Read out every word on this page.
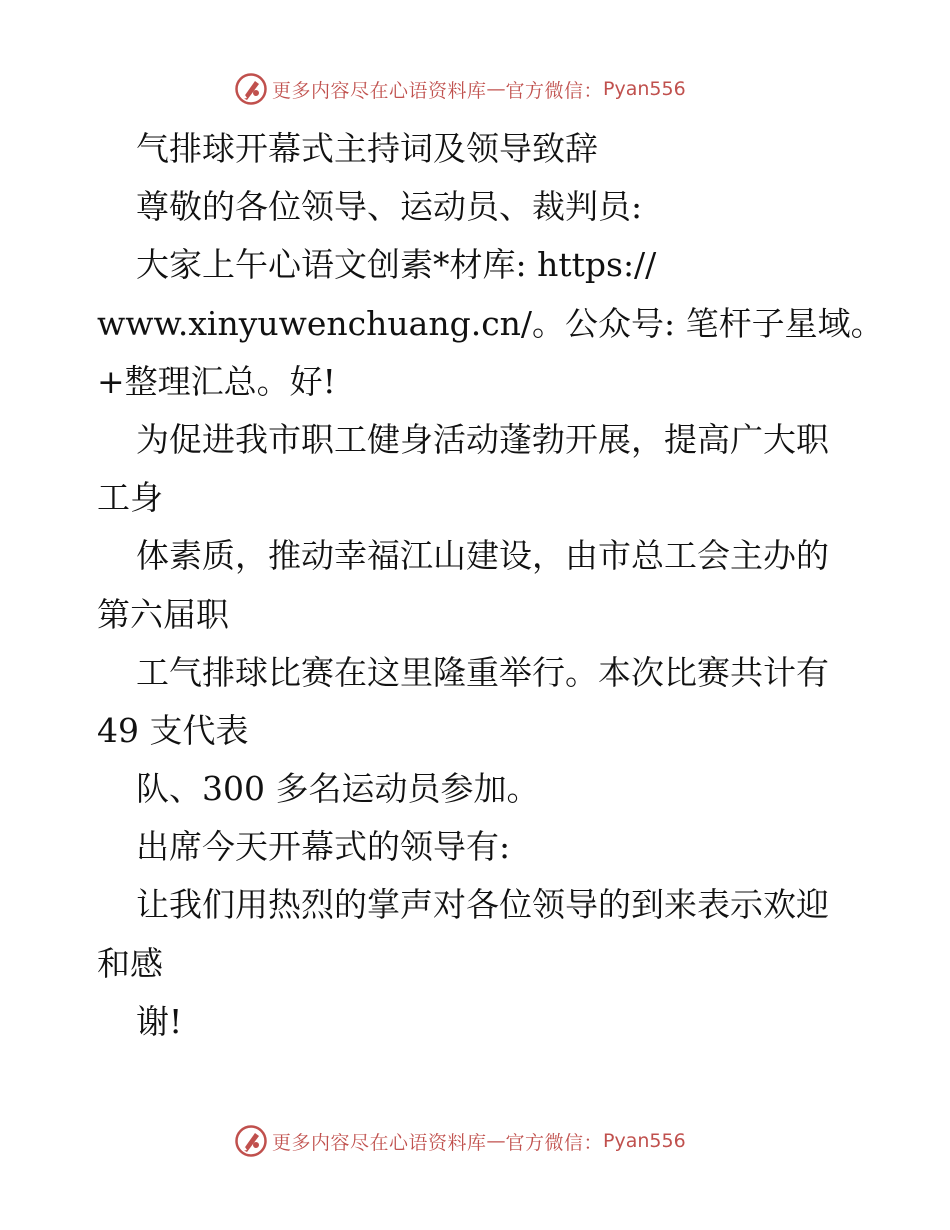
更多内容尽在心语资料库 — 官方微信： Pyan556
气排球开幕式主持词及领导致辞
尊敬的各位领导、运动员、裁判员:
大家上午心语文创素*材库: https://
www.xinyuwenchuang.cn/。公众号: 笔杆子星域。
+整理汇总。好!
为促进我市职工健身活动蓬勃开展，提高广大职
工身
体素质，推动幸福江山建设，由市总工会主办的
第六届职
工气排球比赛在这里隆重举行。本次比赛共计有
49 支代表
队、300 多名运动员参加。
出席今天开幕式的领导有:
让我们用热烈的掌声对各位领导的到来表示欢迎
和感
谢!
更多内容尽在心语资料库 — 官方微信： Pyan556
